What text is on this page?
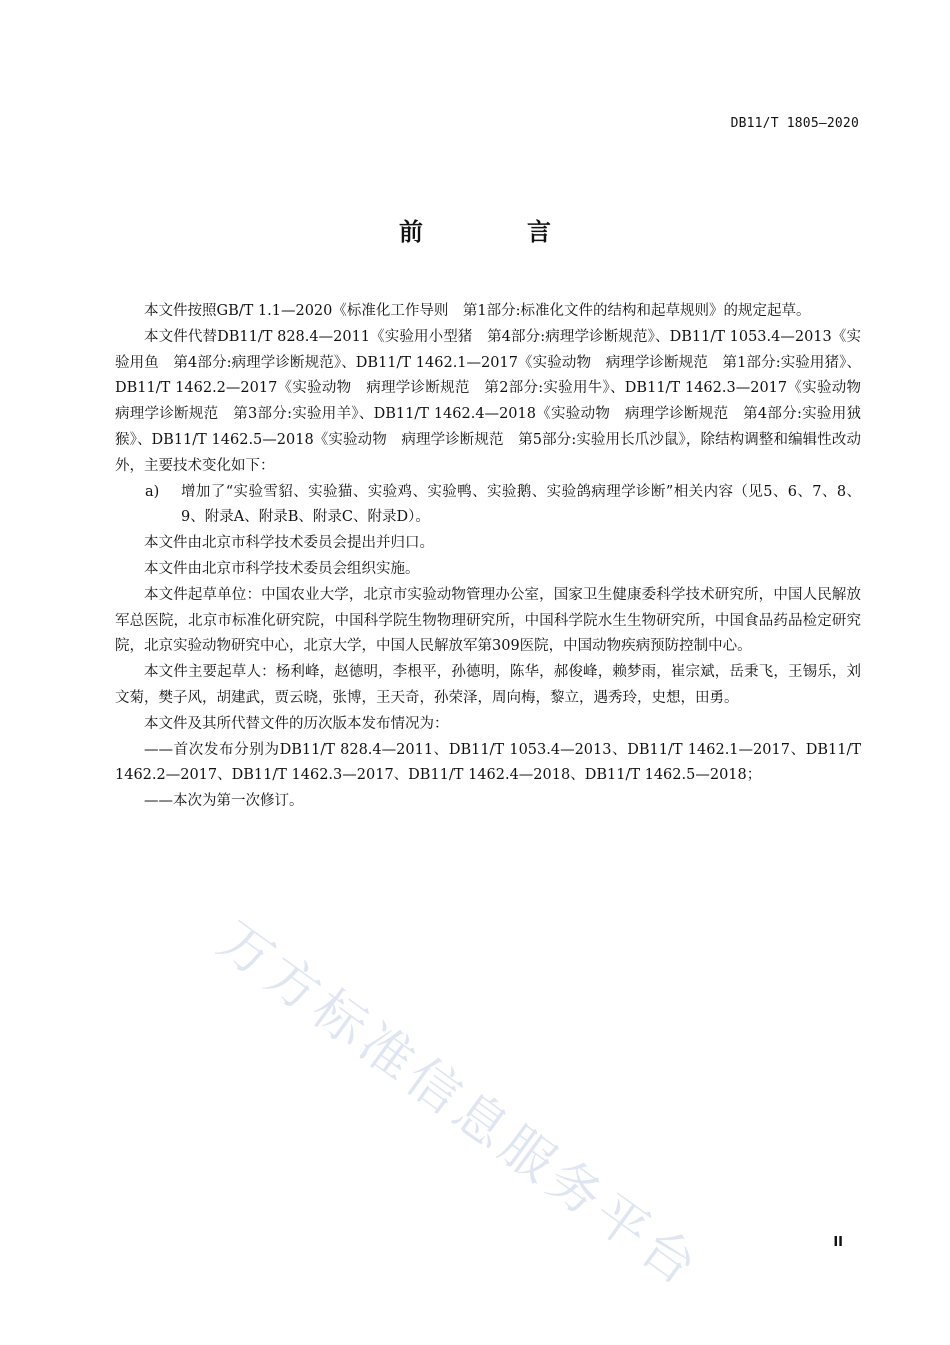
DB11/T 1805—2020
前　言

本文件按照GB/T 1.1—2020《标准化工作导则　第1部分:标准化文件的结构和起草规则》的规定起草。

本文件代替DB11/T 828.4—2011《实验用小型猪　第4部分:病理学诊断规范》、DB11/T 1053.4—2013《实验用鱼　第4部分:病理学诊断规范》、DB11/T 1462.1—2017《实验动物　病理学诊断规范　第1部分:实验用猪》、DB11/T 1462.2—2017《实验动物　病理学诊断规范　第2部分:实验用牛》、DB11/T 1462.3—2017《实验动物　病理学诊断规范　第3部分:实验用羊》、DB11/T 1462.4—2018《实验动物　病理学诊断规范　第4部分:实验用狨猴》、DB11/T 1462.5—2018《实验动物　病理学诊断规范　第5部分:实验用长爪沙鼠》，除结构调整和编辑性改动外，主要技术变化如下：

a)	增加了“实验雪貂、实验猫、实验鸡、实验鸭、实验鹅、实验鸽病理学诊断”相关内容（见5、6、7、8、9、附录A、附录B、附录C、附录D）。

本文件由北京市科学技术委员会提出并归口。

本文件由北京市科学技术委员会组织实施。

本文件起草单位：中国农业大学，北京市实验动物管理办公室，国家卫生健康委科学技术研究所，中国人民解放军总医院，北京市标准化研究院，中国科学院生物物理研究所，中国科学院水生生物研究所，中国食品药品检定研究院，北京实验动物研究中心，北京大学，中国人民解放军第309医院，中国动物疾病预防控制中心。

本文件主要起草人：杨利峰，赵德明，李根平，孙德明，陈华，郝俊峰，赖梦雨，崔宗斌，岳秉飞，王锡乐，刘文菊，樊子风，胡建武，贾云晓，张博，王天奇，孙荣泽，周向梅，黎立，遇秀玲，史想，田勇。

本文件及其所代替文件的历次版本发布情况为：

——首次发布分别为DB11/T 828.4—2011、DB11/T 1053.4—2013、DB11/T 1462.1—2017、DB11/T 1462.2—2017、DB11/T 1462.3—2017、DB11/T 1462.4—2018、DB11/T 1462.5—2018；

——本次为第一次修订。

万方标准信息服务平台	II
